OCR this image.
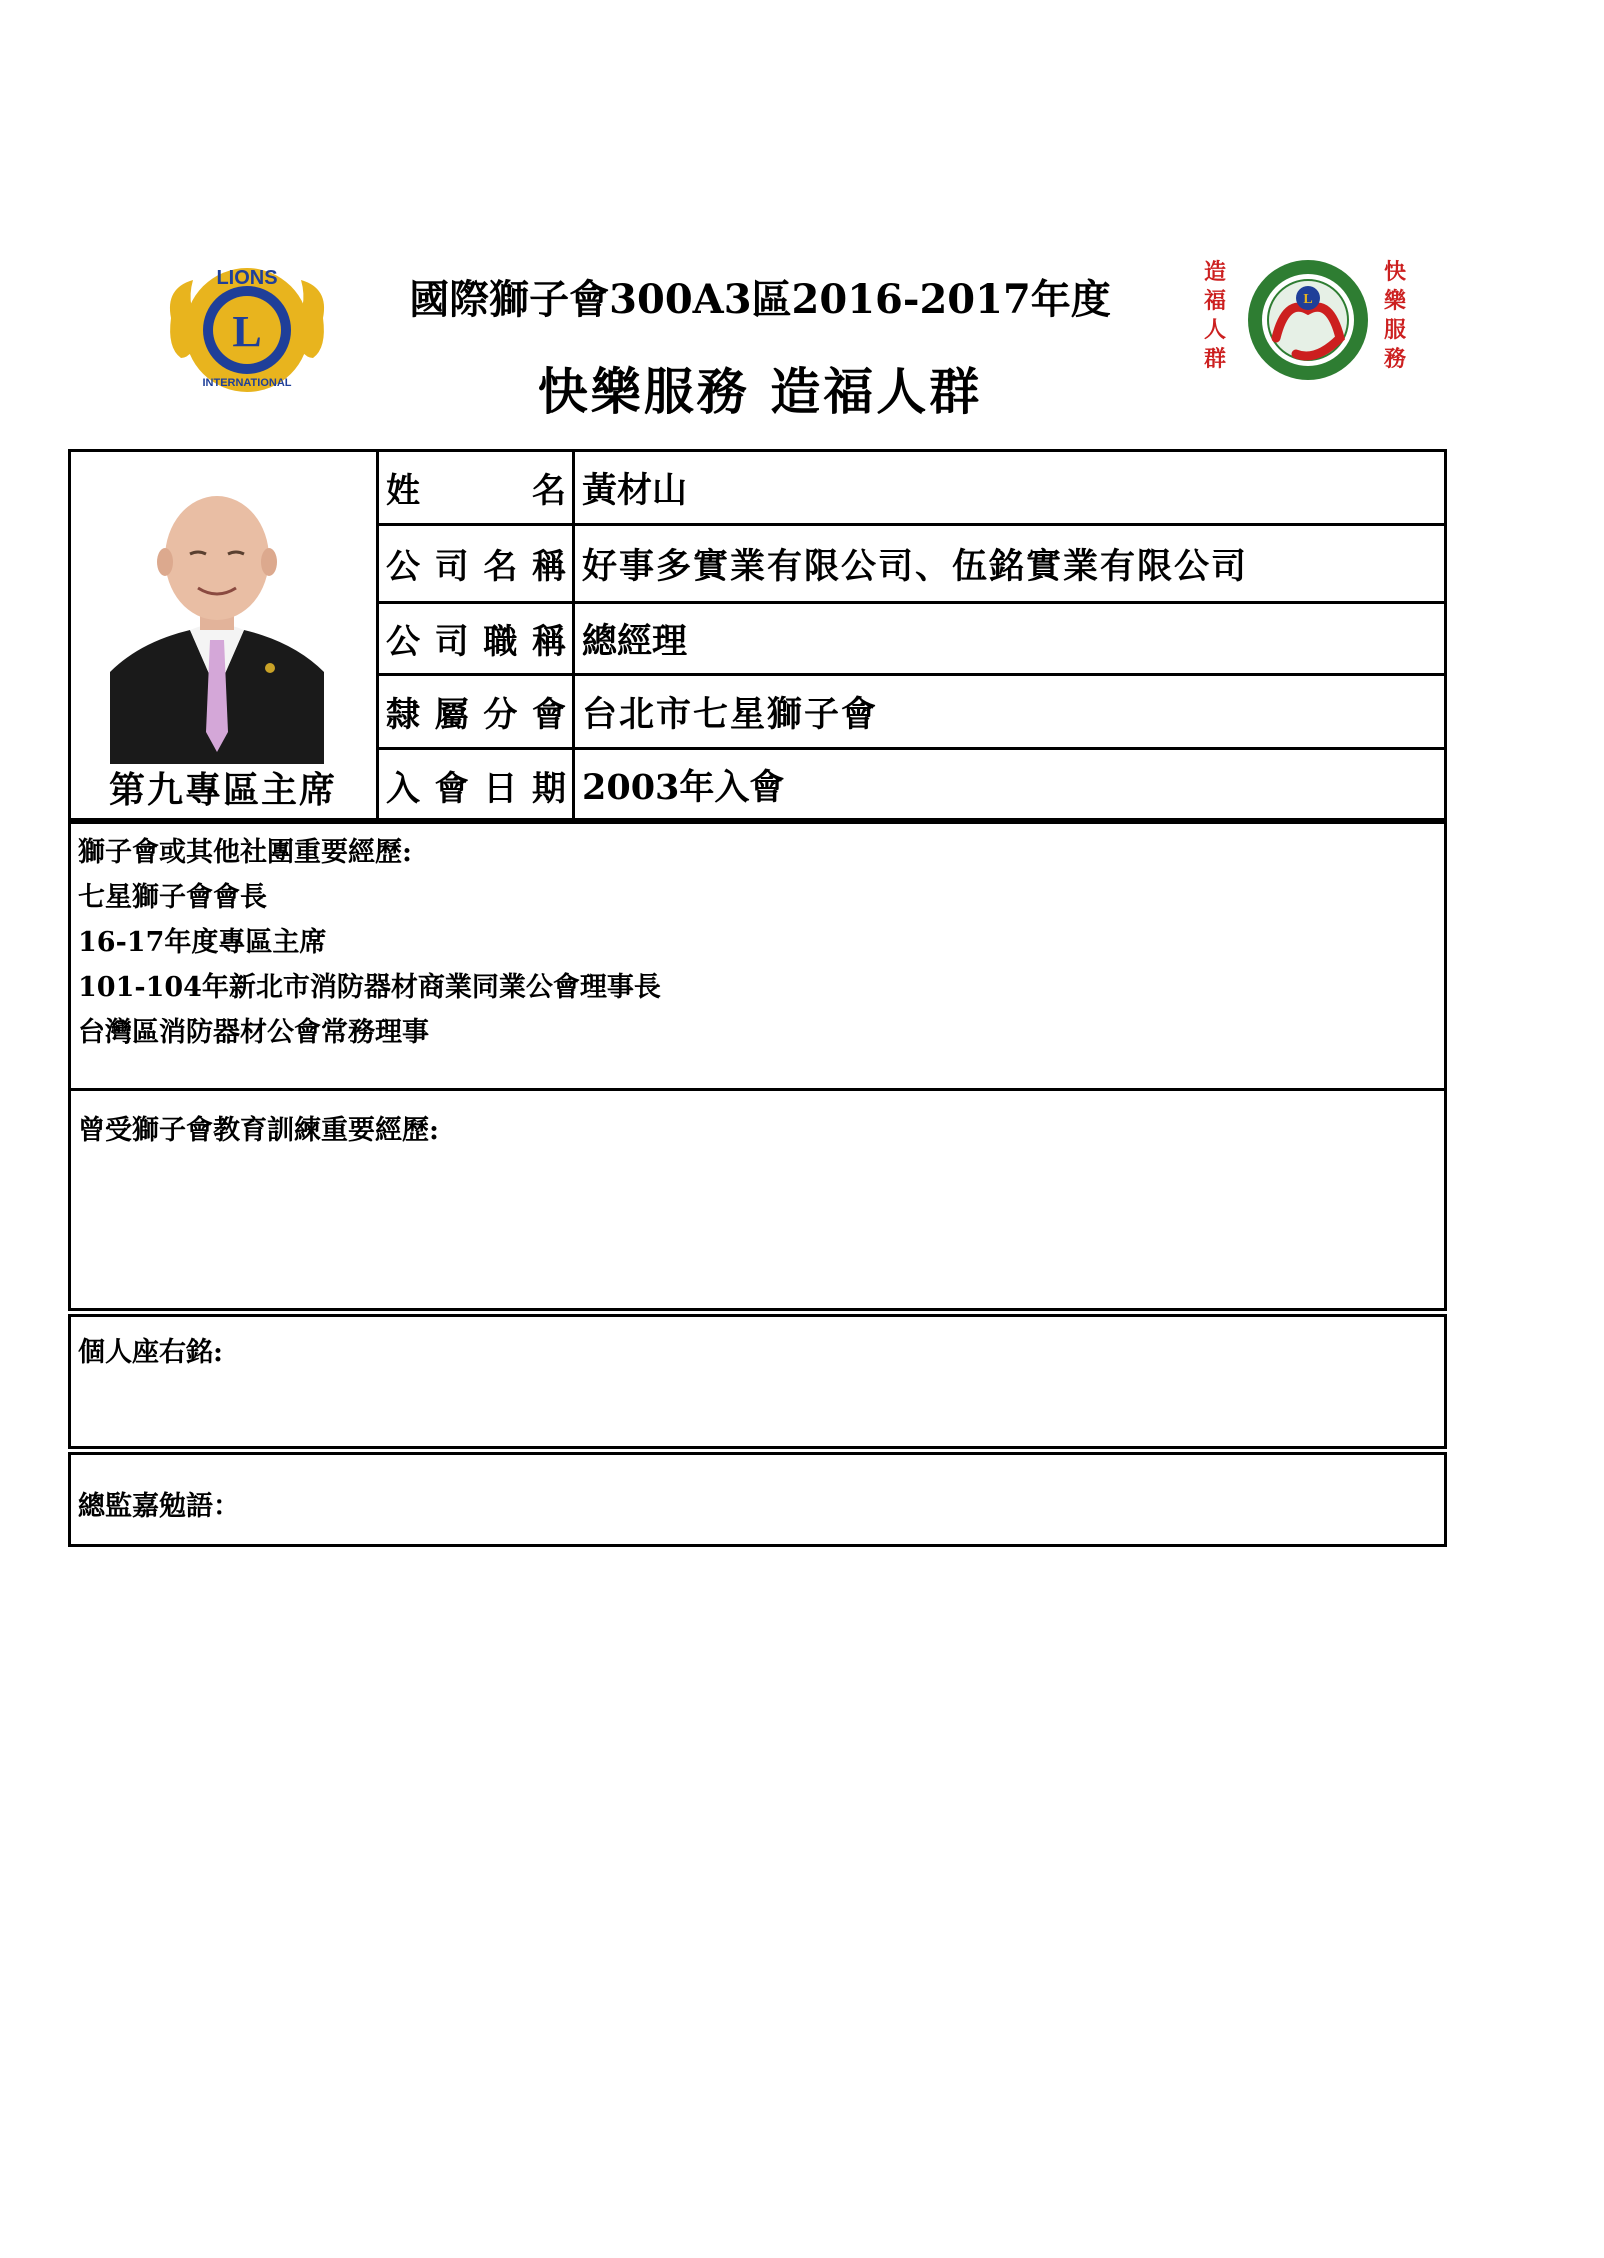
L
LIONS
INTERNATIONAL
國際獅子會300A3區2016-2017年度
快樂服務 造福人群
造福人群
L
快樂服務
第九專區主席
姓	名 黃材山
公 司 名 稱 好事多實業有限公司、伍銘實業有限公司
公 司 職 稱 總經理
隸 屬 分 會 台北市七星獅子會
入 會 日 期 2003年入會
獅子會或其他社團重要經歷:
七星獅子會會長
16-17年度專區主席
101-104年新北市消防器材商業同業公會理事長
台灣區消防器材公會常務理事
曾受獅子會教育訓練重要經歷:
個人座右銘:
總監嘉勉語：
